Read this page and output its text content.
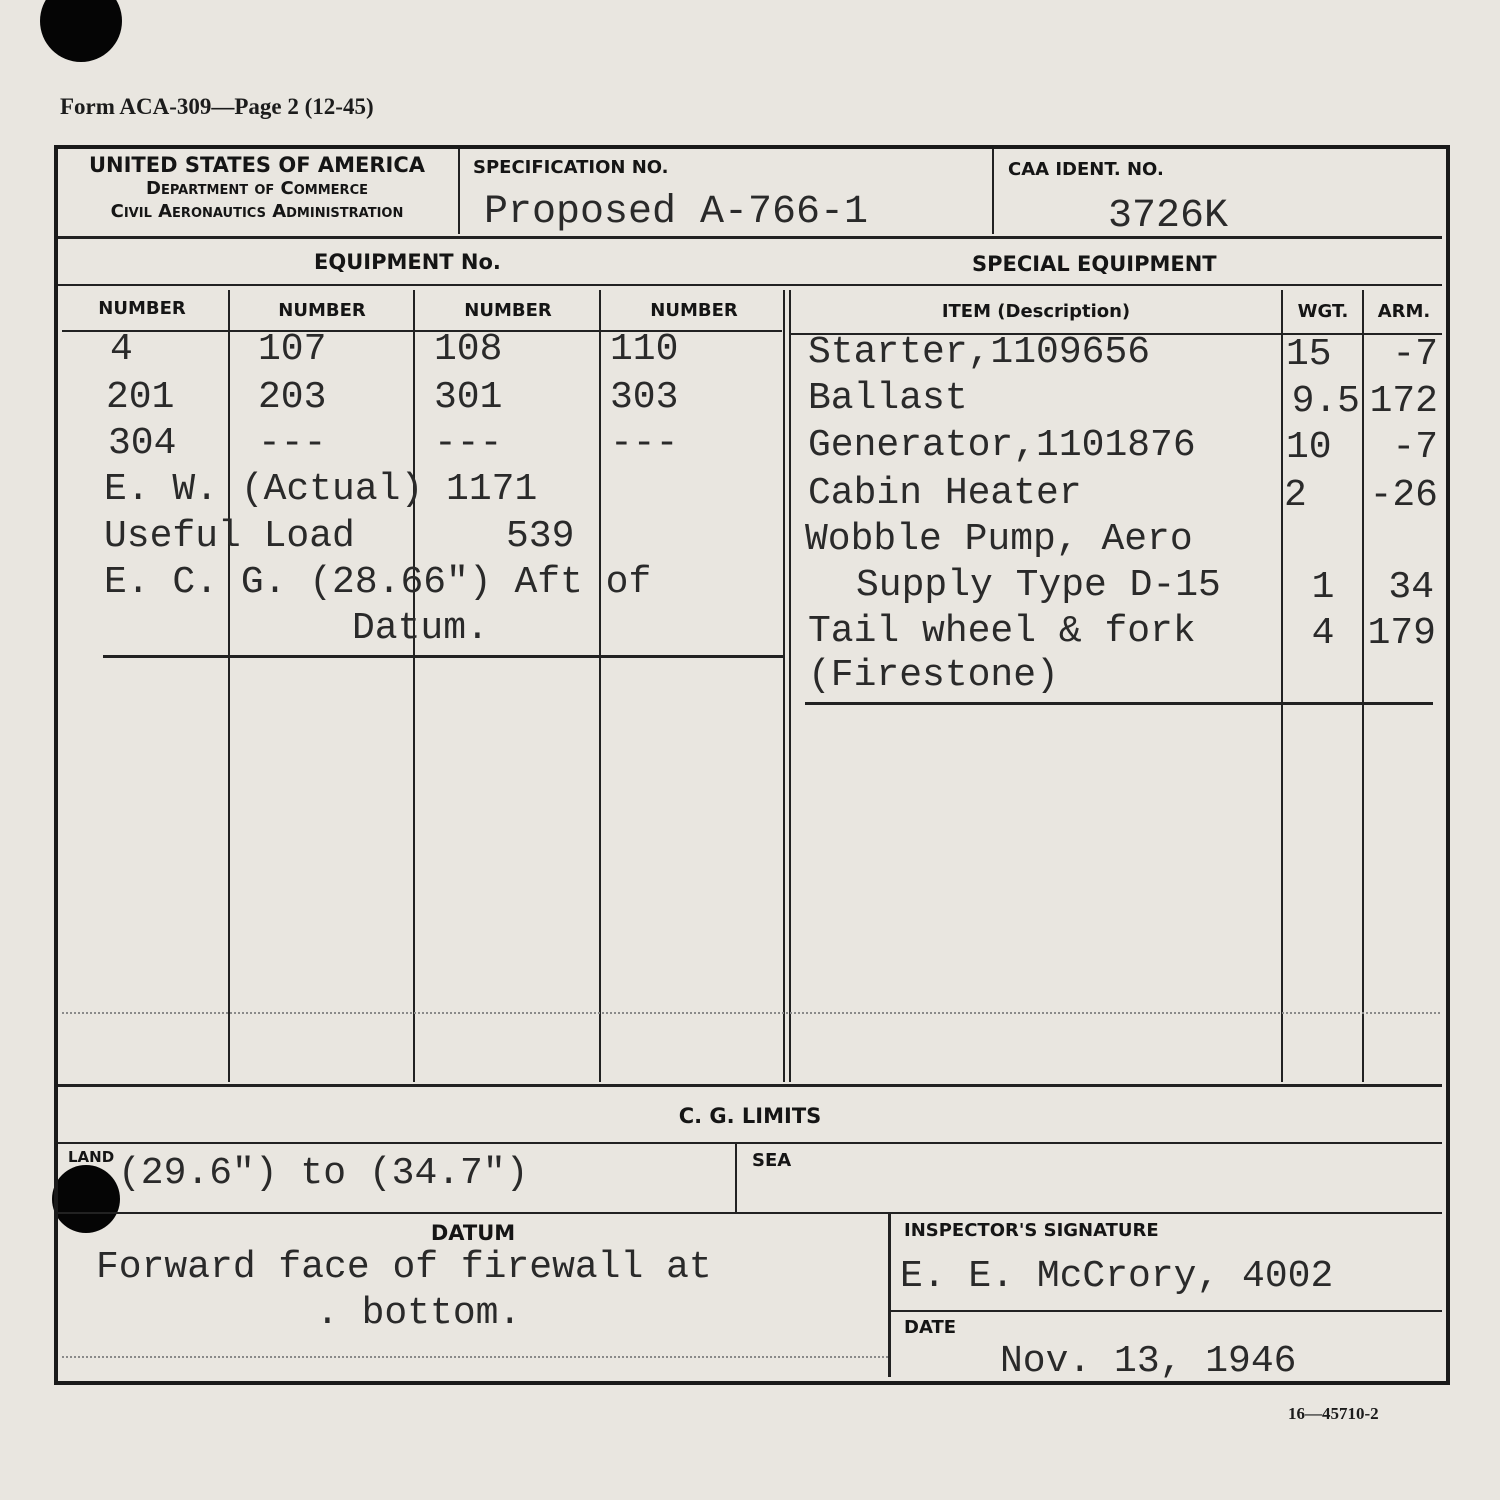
Form ACA-309—Page 2 (12-45)
UNITED STATES OF AMERICA
Department of Commerce
Civil Aeronautics Administration
SPECIFICATION NO.
Proposed A-766-1
CAA IDENT. NO.
3726K
EQUIPMENT No.	SPECIAL EQUIPMENT
NUMBER	NUMBER	NUMBER	NUMBER	ITEM (Description)	WGT.	ARM.
4	107	108	110
201 203	301	303
304 ---	---	---
E. W. (Actual) 1171
Useful Load	539
E. C. G. (28.66") Aft of
Datum.
Starter,1109656	15	-7
Ballast	9.5 172
Generator,1101876 10	-7
Cabin Heater	2 -26
Wobble Pump, Aero
Supply Type D-15	1	34
Tail wheel & fork	4 179
(Firestone)
C. G. LIMITS
LAND (29.6") to (34.7")	SEA
DATUM
Forward face of firewall at
. bottom.
INSPECTOR'S SIGNATURE
E. E. McCrory, 4002
DATE
Nov. 13, 1946
16—45710-2
